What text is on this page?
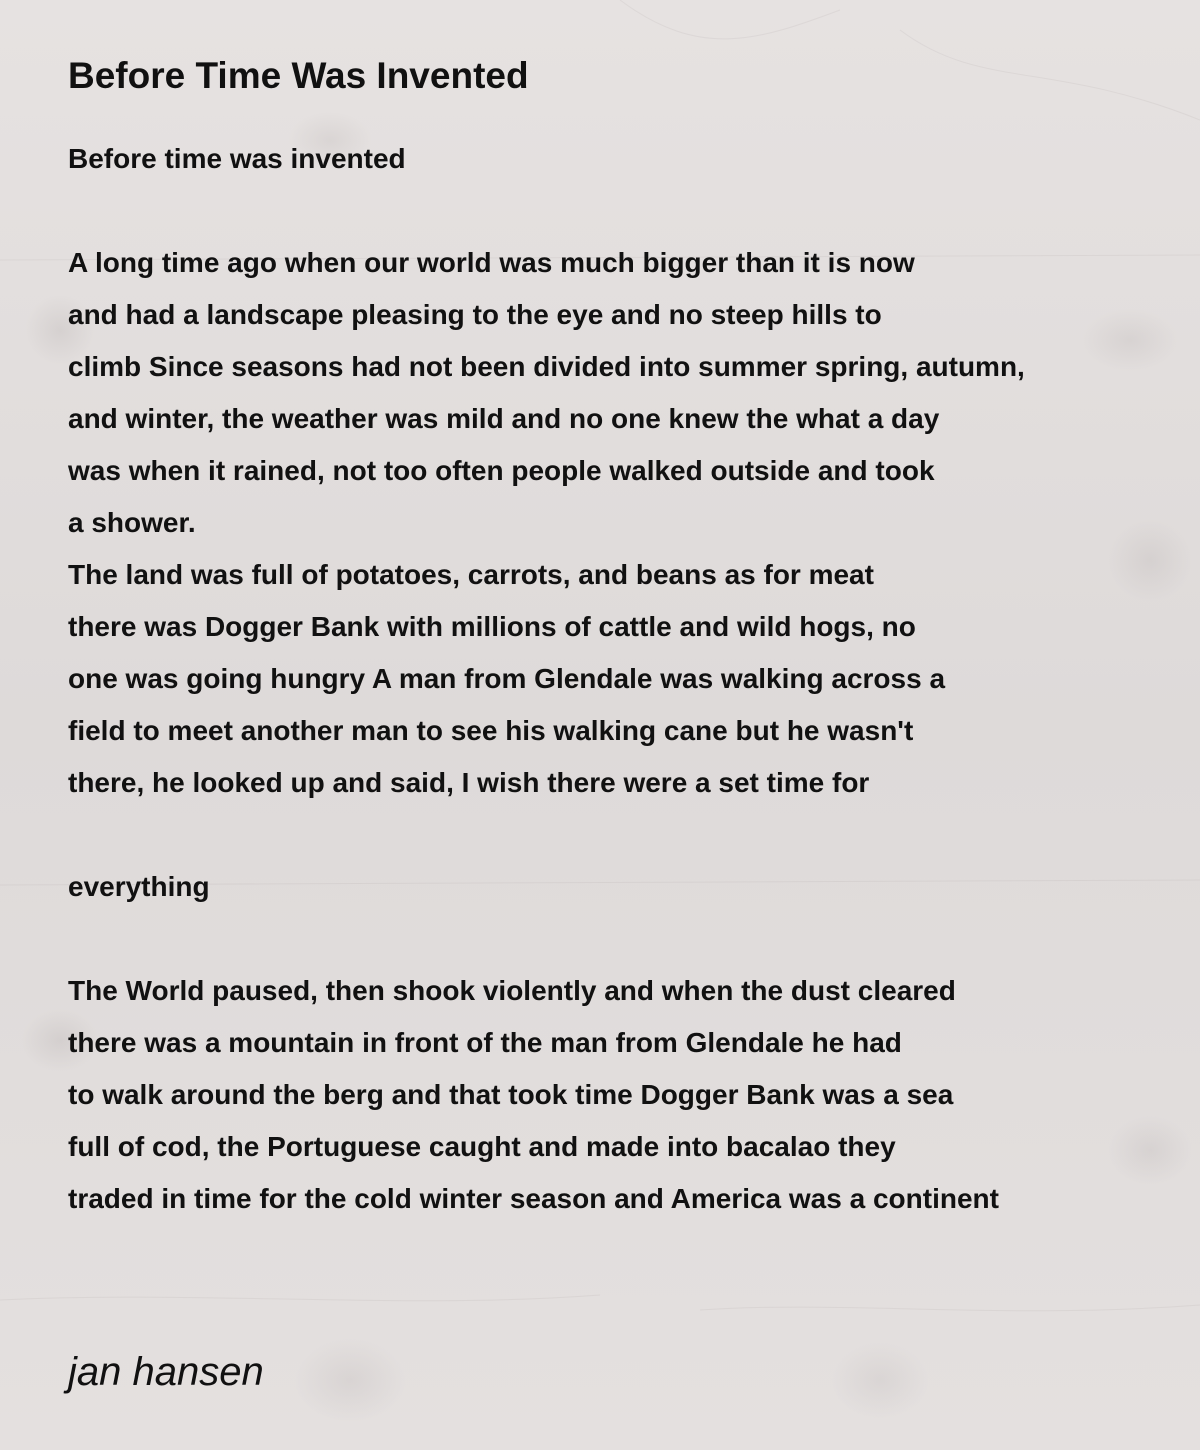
Before Time Was Invented
Before time was invented
A long time ago when our world was much bigger than it is now
and had a landscape pleasing to the eye and no steep hills to
climb Since seasons had not been divided into summer spring, autumn,
and winter, the weather was mild and no one knew the what a day
was when it rained, not too often people walked outside and took
a shower.
The land was full of potatoes, carrots, and beans as for meat
there was Dogger Bank with millions of cattle and wild hogs, no
one was going hungry A man from Glendale was walking across a
field to meet another man to see his walking cane but he wasn't
there, he looked up and said, I wish there were a set time for
everything
The World paused, then shook violently and when the dust cleared
there was a mountain in front of the man from Glendale he had
to walk around the berg and that took time Dogger Bank was a sea
full of cod, the Portuguese caught and made into bacalao they
traded in time for the cold winter season and America was a continent
jan hansen
